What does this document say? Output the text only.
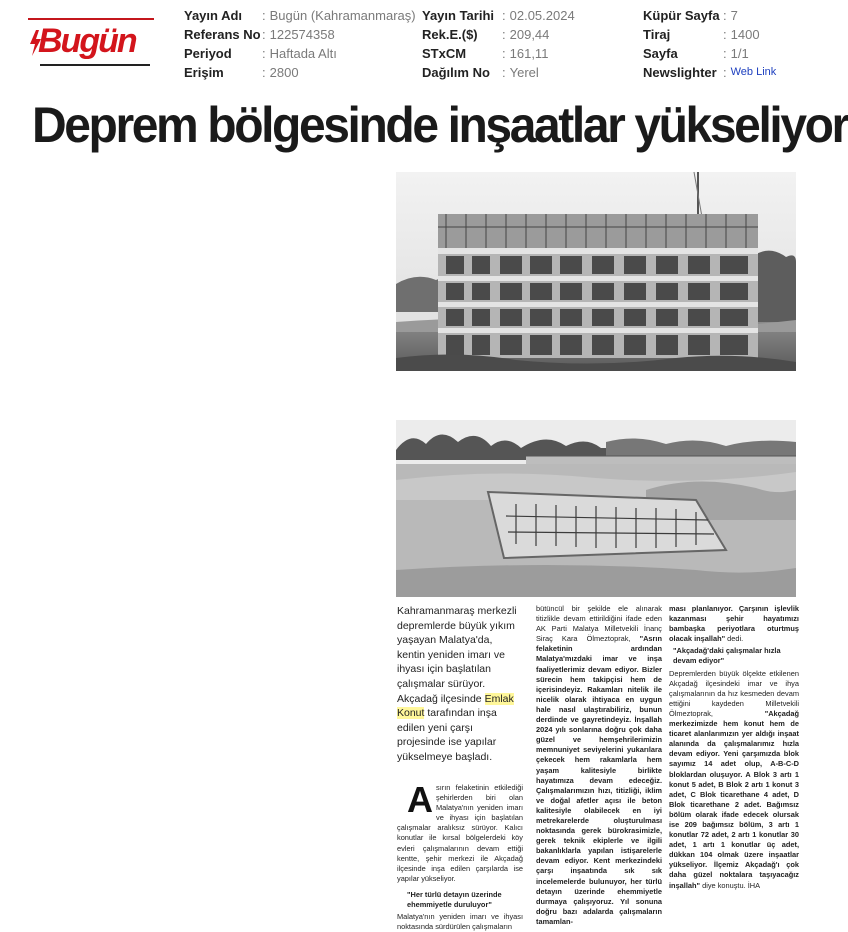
Bugün
Yayın Adı	: Bugün (Kahramanmaraş)
Referans No : 122574358
Periyod	: Haftada Altı
Erişim	: 2800
Yayın Tarihi : 02.05.2024
Rek.E.($)	: 209,44
STxCM	: 161,11
Dağılım No : Yerel
Küpür Sayfa : 7
Tiraj	: 1400
Sayfa	: 1/1
Newslighter : Web Link
Deprem bölgesinde inşaatlar yükseliyor
Kahramanmaraş merkezli depremlerde büyük yıkım yaşayan Malatya'da, kentin yeniden imarı ve ihyası için başlatılan çalışmalar sürüyor. Akçadağ ilçesinde Emlak Konut tarafından inşa edilen yeni çarşı projesinde ise yapılar yükselmeye başladı.

Asırın felaketinin etkilediği şehirlerden biri olan Malatya'nın yeniden imarı ve ihyası için başlatılan çalışmalar aralıksız sürüyor. Kalıcı konutlar ile kırsal bölgelerdeki köy evleri çalışmalarının devam ettiği kentte, şehir merkezi ile Akçadağ ilçesinde inşa edilen çarşılarda ise yapılar yükseliyor.

"Her türlü detayın üzerinde ehemmiyetle duruluyor"

Malatya'nın yeniden imarı ve ihyası noktasında sürdürülen çalışmaların

bütüncül bir şekilde ele alınarak titizlikle devam ettirildiğini ifade eden AK Parti Malatya Milletvekili İnanç Siraç Kara Ölmeztoprak, "Asrın felaketinin ardından Malatya'mızdaki imar ve inşa faaliyetlerimiz devam ediyor. Bizler sürecin hem takipçisi hem de içerisindeyiz. Rakamları nitelik ile nicelik olarak ihtiyaca en uygun hale nasıl ulaştırabiliriz, bunun derdinde ve gayretindeyiz. İnşallah 2024 yılı sonlarına doğru çok daha güzel ve hemşehrilerimizin memnuniyet seviyelerini yukarılara çekecek hem rakamlarla hem yaşam kalitesiyle birlikte hayatımıza devam edeceğiz. Çalışmalarımızın hızı, titizliği, iklim ve doğal afetler açısı ile beton kalitesiyle olabilecek en iyi metrekarelerde oluşturulması noktasında gerek bürokrasimizle, gerek teknik ekiplerle ve ilgili bakanlıklarla yapılan istişarelerle devam ediyor. Kent merkezindeki çarşı inşaatında sık sık incelemelerde bulunuyor, her türlü detayın üzerinde ehemmiyetle durmaya çalışıyoruz. Yıl sonuna doğru bazı adalarda çalışmaların tamamlan-

ması planlanıyor. Çarşının işlevlik kazanması şehir hayatımızı bambaşka periyotlara oturtmuş olacak inşallah" dedi.

"Akçadağ'daki çalışmalar hızla devam ediyor"

Depremlerden büyük ölçekte etkilenen Akçadağ ilçesindeki imar ve ihya çalışmalarının da hız kesmeden devam ettiğini kaydeden Milletvekili Ölmeztoprak, "Akçadağ merkezimizde hem konut hem de ticaret alanlarımızın yer aldığı inşaat alanında da çalışmalarımız hızla devam ediyor. Yeni çarşımızda blok sayımız 14 adet olup, A-B-C-D bloklardan oluşuyor. A Blok 3 artı 1 konut 5 adet, B Blok 2 artı 1 konut 3 adet, C Blok ticarethane 4 adet, D Blok ticarethane 2 adet. Bağımsız bölüm olarak ifade edecek olursak ise 209 bağımsız bölüm, 3 artı 1 konutlar 72 adet, 2 artı 1 konutlar 30 adet, 1 artı 1 konutlar üç adet, dükkan 104 olmak üzere inşaatlar yükseliyor. İlçemiz Akçadağ'ı çok daha güzel noktalara taşıyacağız inşallah" diye konuştu. İHA
